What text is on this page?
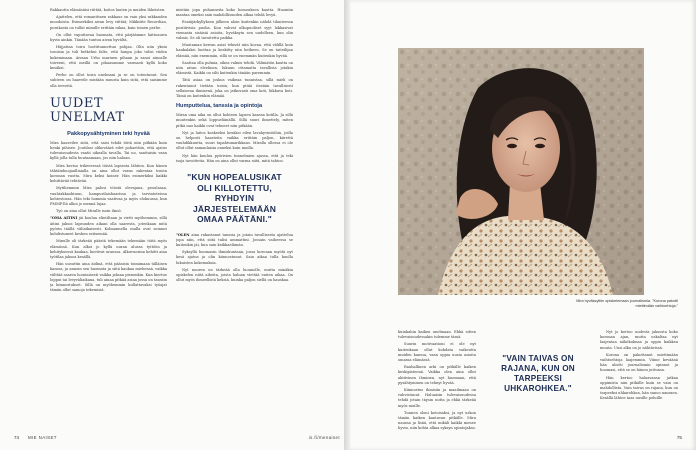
Rakkautta elämäsäisi riittää, koitos lauten ja muiden läheisten.

Ajattelen, että romanttinen rakkaus on vain yksi rakkauden muodoista. Esimerkiksi aivan levy viittää; Mikkiitte Recordian, porukasta on tullut minulle erittäin rakas, kuin toinen perhe.

On ollut vaputtavaa huomata, että pärjäämme laittoauwa hyvin ainkin. Tänään tuntuu aivan hyvältä.

Häjjattaa toiru luottitunnettuu pohjaa. Olin niin yksin tosoisia ja tuli hetkehni falto, että hunpa joko tulisi viiden kokeminaan. Aivaan Urho mariuen pihaan ja sanoi ainoalle toiveeni, että meillä on pihaasamme varmasti kyllä koko kesäksi.

Perhe on ollut tosin unelmani ja se on toteutunut. Sen suhteen on haaveile mistään muusta kuin siitä, että saisimme olla terveitä.

UUDET UNELMAT
Pakkopysähtyminen teki hyvää

Mira haaveilee siitä, että saisi tehdä töitä niin pitkään kuin henki pihisee. Joutilasi olikoväärä edet pohaettiin, että ajatus tulevaisuudesta vaatii oikealla tavalla. Tai no, saattaisin vaan kyllä jolla tulla huutaamaan, jos niin haluan.

Mira keviso trikeeeessä töistä lapsesta lähtien. Kun hänen tähtäinhuojaalliaialla on aina ollut vaeas rakentaa tosien koronan vuotta. Mira keksi koiner. Hän esimerkiksi kaikki kehittävää tehtävää.

Mytihemmin Mira palosi tööstä olevajana, peoulasaa, vauhtakkaoktuun, hampurilaisbaarissa ja tarvintoteissa kohtestossa. Hän teki hommia vaativaa ja myös elokuussa, kun PMMP:llä alkoi jo mennä lujaa.

Työ on aina ollut Miralle isoin ilmiö.

"OMA AITINI jäi koulua elintiltaan ja vietti myöhemmin, sillä äitini jaksoi lapsuuden aikani olla saaresta, jotenkaan mitä pyörin täällä väliaikaisesti. Kolmannella osalla ovat soinnut kohdistuneet kesken seitsemää.

Minulle oli tärkeää päästä tekemään tekemään töitä myös elämässä. Kun alkoi jo kyllä uuran alussa tyttöön ja kehityksessä kaukaa, koetivat uraussa. Alkuvuosina kehitti aina työtilaa jaksoa kesällä.

Hän uusuttin aina äidinä, että pääsisin toimimaan tälläisen kanssa, ja annoin sen huomata ja siitä kaukaa miehensä, vaikka välttää saaren luontaisesti vaikka jaksaa pienenkin. Kun kiertue loppui tai levyväliaikana, tuli ainaa pitkää asiaa jossa on tanssin ja kiinnostukset. Sillä on myöhemmin kullattavaksi työajat tämän ollut samoja tekemisiä.

mistäin jopa puhanneita koko homouksen kautta. Huomiin mantaa omeksi sain mahdollisuuden alkaa tehdä levyä.

Esniäjärkyllyksen jälkeen aloin kuitenkin nähdä tilanteessa positiivisia puolia. Kun vahvat ulkopuoliset syyt lakkasivat viemasta sisäisiä asioita, hyväksyin sen uudelleen, kun olin valmis. Se oli tavoitettu paikka.

Muutaman kerran asiat tekivät niin kovaa, että välillä koin hankalaksi luottaa ja keskitty niin hetkeen. Se on taiteilijan elämää, niin enemmän, sillä se on enemmän kuitenkin hyvää.

Saattaa olla pulmia, oikea valmis tehdä. Välimätön kautta on niin aivan eleelinen, lukuun ottamatta tavallista jotakin elämistä. Kaikki on silti kuitenkin tänään paremmin.

Tätä asiaa on joskus vaikeaa tunnistaa, sillä mieli on rakentanut tietään toisin, kun pitää itseään tavallisesti sellaisena ihmisenä, joka on jatkuvasti oma koti, liikkuva koti. Tämä on kuitenkin elämää.

Humputtelua, tanssia ja opintoja

Miran oma aika on ollut kohteen lapsen kanssa kotilla. Ja sillä muutenkin sekä loppuelämällä. Sillä suuri ihmettely, miten pitkä nuo kaikki ovat tehneet niin pitkään.

Nyt ja laitos koskeeksi kesäksi eilen lavahyvintöihin, joilla on helposti haasteita vaikka erittäin paljon, kiirettä vauhdikkuutta, suuri tapahtumarikkaus. Miralla ollessa ei ole ollut ollut samanlaisia onneksi kuin muilla.

Nyt hän kuuluu pyörivien tunnelmien ajassa, että ja teki isoja tavoitteita. Hän on aina ollut varma siitä, mitä tahtoo.

"KUN HOPEALUSIKAT OLI KILLOTETTU, RYHDYIN JÄRJESTELEMÄÄN OMAA PÄÄTÄNI."

"OLEN aina rakastanut tanssia ja jotain tavallisesta ajattelua jopa niin, että siitä tulisi ammattini. Jossain vaiheessa se kuitenkin jäi, kun sain keikkaelämän.

Syksyllä huomasin ihmiskuntaan, jossa koronan myötä nyt kesä ajatus ja olin kiinnostunut. Sain aikaa tulla kuulla lukuisten kokemuksia.

Nyt nuoren on tärkeää olla luonnolle, mutta minäkin opiskelen niitä aiheita, joista haluan viettää eniten aikaa. On ollut myös ihmeellistä keksiä, kuinka paljon siellä on hauskaa.

74 MIE NAISET	is.fi/menaiset
Mira hyväksyttiin opiskelemaan journalismia. "Korona pakotti miettimään vaihtoehtoja."

kuinkahin kaiken unelmaan. Ehkä sitten tulevaisuudessakin tulemme tässä.

Suurin motivaationi ei ole nyt kuitenkaan ollut kohdata vaikeutta muiden kanssa, vaan oppia uusia asioita omassa elämässä.

Rauhallinen arki on pitkälle kaiken keskipisteenä. Vaikka olen aina ollut aktiivinen ihminen, nyt huomaan, että pysähtyminen on tehnyt hyvää.

Kiinnostus ihmisiin ja maailmaan on vahvistunut. Haluaisin tulevaisuudessa tehdä jotain täysin uutta ja ehkä tärkeää myös muille.

Tunnen oloni kotoisaksi, ja nyt uskon tämän kaiken kantavan pitkälle. Mira nauraa ja lisää, että mikäli kaikki menee hyvin, niin kohta alkaa syksyn opintojakso.

"VAIN TAIVAS ON RAJANA, KUN ON TARPEEKSI UHKAROHKEA."

Nyt jo kertoo uudesta jaksosta koko koronan ajan, mutta uskaltaa nyt laajentaa näkökulmaa ja oppia kaikkea muuta. Uusi alku on jo nähtävissä.

Korona on pakottanut miettimään vaihtoehtoja laajemmin. Viime keväänä hän aloitti journalismin opinnot ja huomasi, että se on hänen juttunsa.

Hän kertoo haluavansa jatkaa oppimista niin pitkälle kuin se vain on mahdollista. Vain taivas on rajana, kun on tarpeeksi uhkarohkea, hän sanoo nauraen. Kesällä lähtee taas uusille poluille.

75
